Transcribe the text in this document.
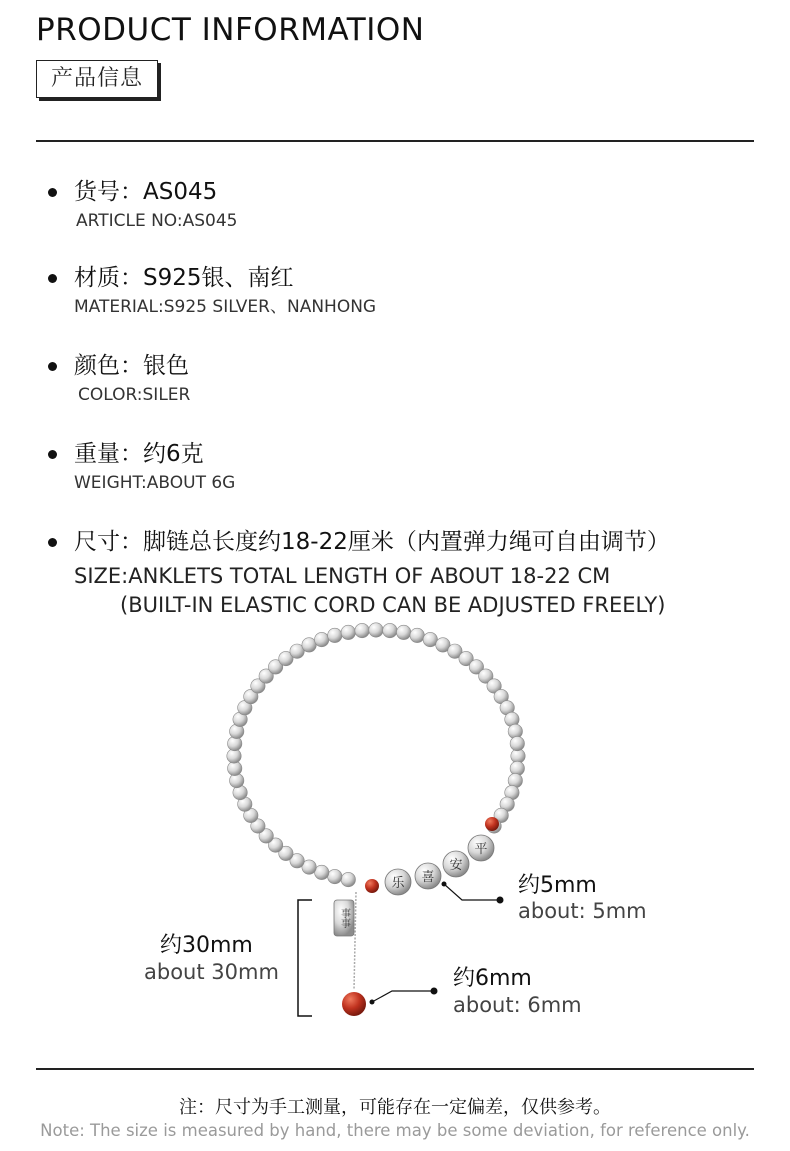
PRODUCT INFORMATION
产品信息
货号：AS045
ARTICLE NO:AS045
材质：S925银、南红
MATERIAL:S925 SILVER、NANHONG
颜色：银色
COLOR:SILER
重量：约6克
WEIGHT:ABOUT 6G
尺寸：脚链总长度约18-22厘米（内置弹力绳可自由调节）
SIZE:ANKLETS TOTAL LENGTH OF ABOUT 18-22 CM
(BUILT-IN ELASTIC CORD CAN BE ADJUSTED FREELY)
乐 喜
安
平
事事
约5mm
about: 5mm
约30mm
about 30mm	约6mm
about: 6mm
注：尺寸为手工测量，可能存在一定偏差，仅供参考。
Note: The size is measured by hand, there may be some deviation, for reference only.
